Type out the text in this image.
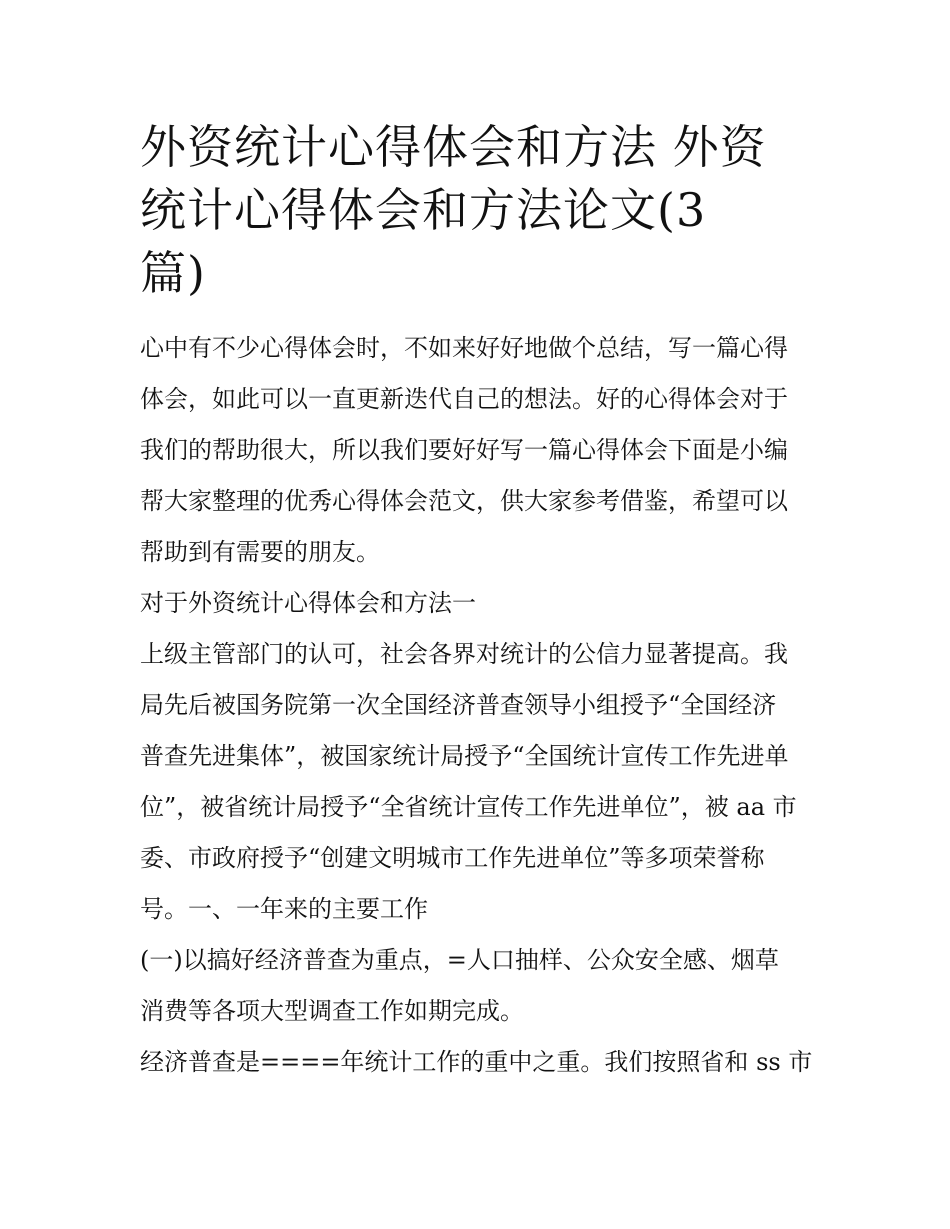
外资统计心得体会和方法 外资
统计心得体会和方法论文(3
篇)
心中有不少心得体会时，不如来好好地做个总结，写一篇心得
体会，如此可以一直更新迭代自己的想法。好的心得体会对于
我们的帮助很大，所以我们要好好写一篇心得体会下面是小编
帮大家整理的优秀心得体会范文，供大家参考借鉴，希望可以
帮助到有需要的朋友。
对于外资统计心得体会和方法一
上级主管部门的认可，社会各界对统计的公信力显著提高。我
局先后被国务院第一次全国经济普查领导小组授予“全国经济
普查先进集体”，被国家统计局授予“全国统计宣传工作先进单
位”，被省统计局授予“全省统计宣传工作先进单位”，被 aa 市
委、市政府授予“创建文明城市工作先进单位”等多项荣誉称
号。一、一年来的主要工作
(一)以搞好经济普查为重点，=人口抽样、公众安全感、烟草
消费等各项大型调查工作如期完成。
经济普查是====年统计工作的重中之重。我们按照省和 ss 市
